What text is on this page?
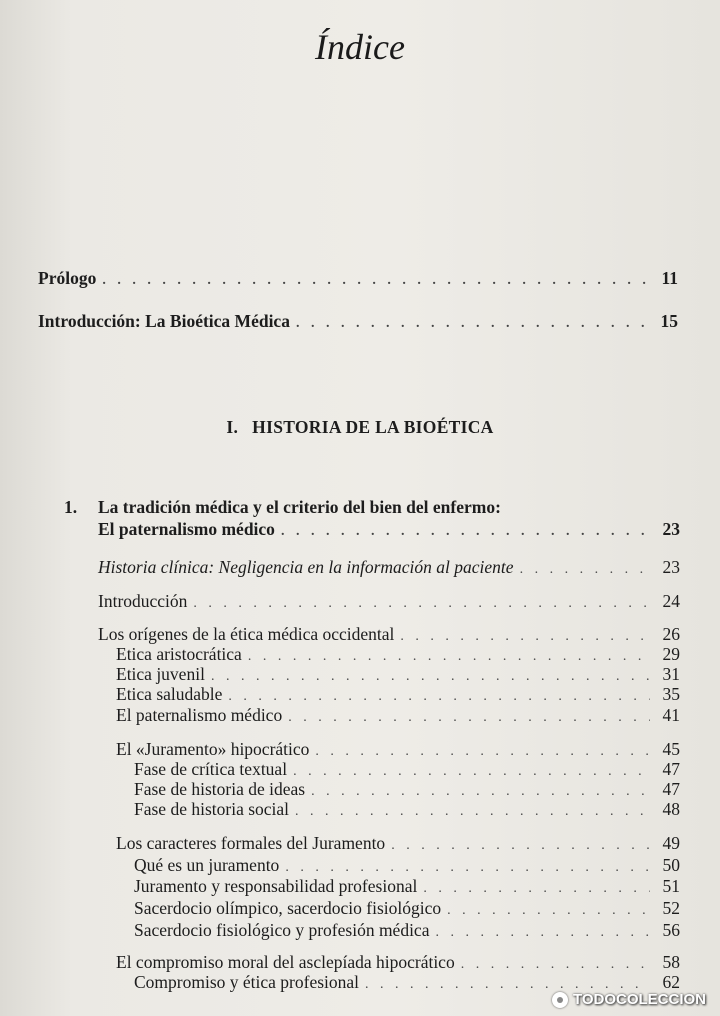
Índice
Prólogo . . .	11
Introducción: La Bioética Médica . . .	15
I.   HISTORIA DE LA BIOÉTICA
1. La tradición médica y el criterio del bien del enfermo:
El paternalismo médico . . .	23
Historia clínica: Negligencia en la información al paciente . . .	23
Introducción . . .	24
Los orígenes de la ética médica occidental . . .	26
Etica aristocrática . . .	29
Etica juvenil . . .	31
Etica saludable . . .	35
El paternalismo médico . . .	41
El «Juramento» hipocrático . . .	45
Fase de crítica textual . . .	47
Fase de historia de ideas . . .	47
Fase de historia social . . .	48
Los caracteres formales del Juramento . . .	49
Qué es un juramento . . .	50
Juramento y responsabilidad profesional . . .	51
Sacerdocio olímpico, sacerdocio fisiológico . . .	52
Sacerdocio fisiológico y profesión médica . . .	56
El compromiso moral del asclepíada hipocrático . . .	58
Compromiso y ética profesional . . .	62
TODOCOLECCION
